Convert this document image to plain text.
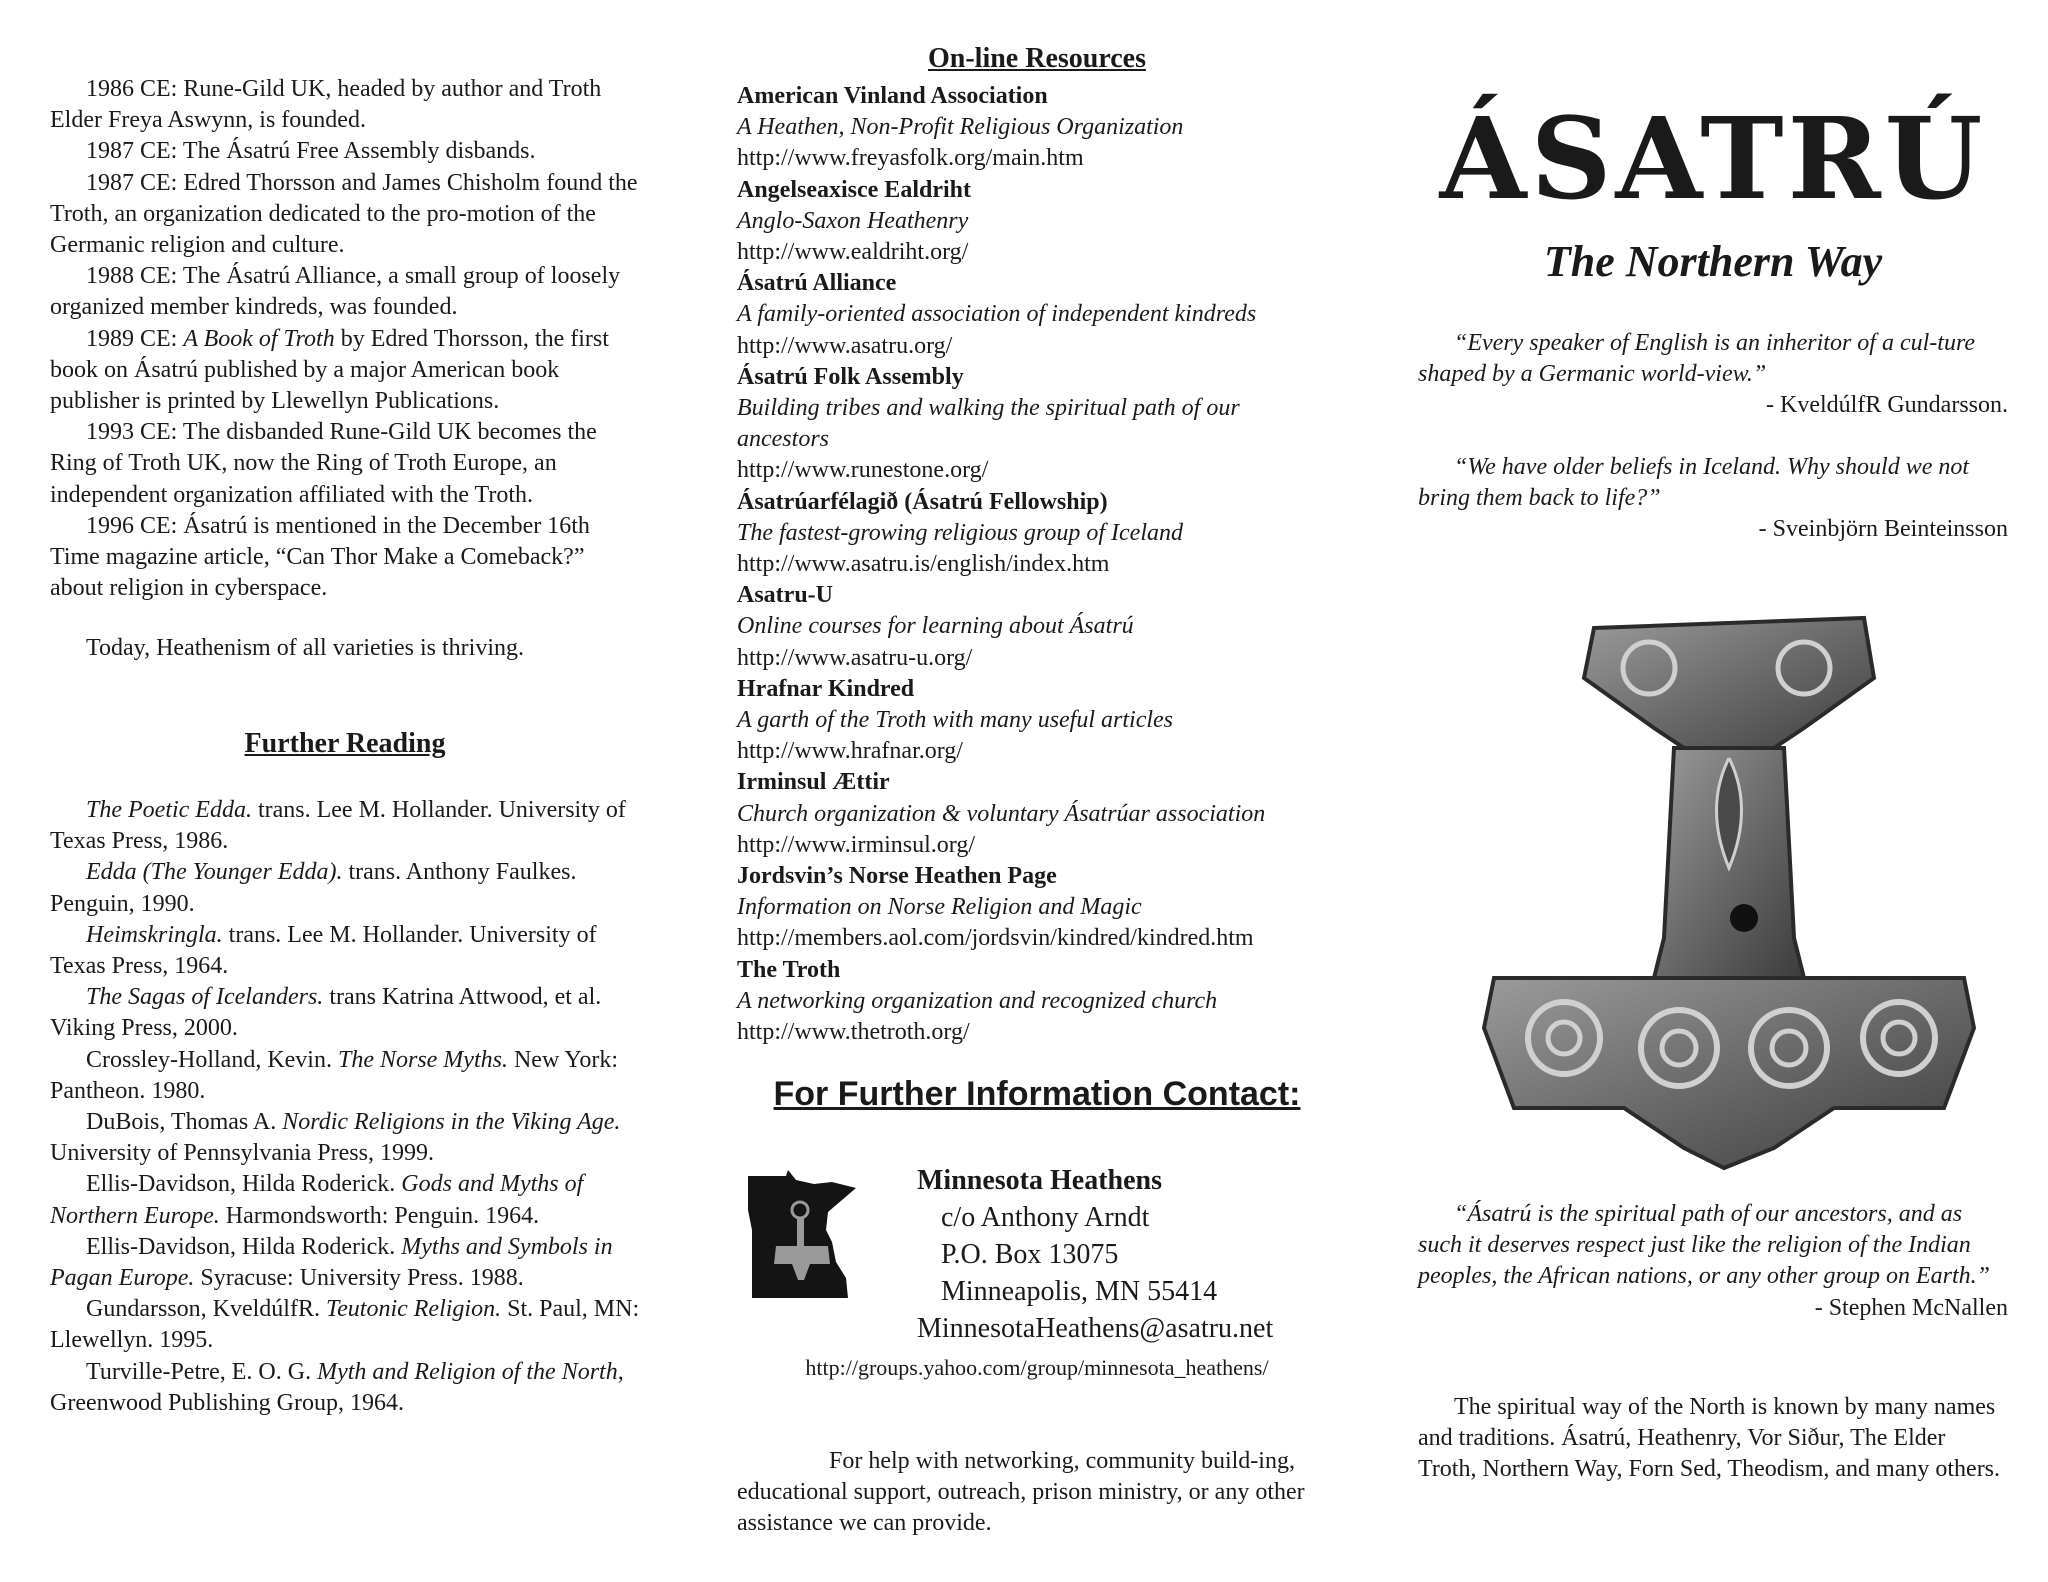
1986 CE: Rune-Gild UK, headed by author and Troth Elder Freya Aswynn, is founded.

1987 CE: The Ásatrú Free Assembly disbands.

1987 CE: Edred Thorsson and James Chisholm found the Troth, an organization dedicated to the pro-motion of the Germanic religion and culture.

1988 CE: The Ásatrú Alliance, a small group of loosely organized member kindreds, was founded.

1989 CE: A Book of Troth by Edred Thorsson, the first book on Ásatrú published by a major American book publisher is printed by Llewellyn Publications.

1993 CE: The disbanded Rune-Gild UK becomes the Ring of Troth UK, now the Ring of Troth Europe, an independent organization affiliated with the Troth.

1996 CE: Ásatrú is mentioned in the December 16th Time magazine article, “Can Thor Make a Comeback?” about religion in cyberspace.

Today, Heathenism of all varieties is thriving.

Further Reading

The Poetic Edda. trans. Lee M. Hollander. University of Texas Press, 1986.

Edda (The Younger Edda). trans. Anthony Faulkes. Penguin, 1990.

Heimskringla. trans. Lee M. Hollander. University of Texas Press, 1964.

The Sagas of Icelanders. trans Katrina Attwood, et al. Viking Press, 2000.

Crossley-Holland, Kevin. The Norse Myths. New York: Pantheon. 1980.

DuBois, Thomas A. Nordic Religions in the Viking Age. University of Pennsylvania Press, 1999.

Ellis-Davidson, Hilda Roderick. Gods and Myths of Northern Europe. Harmondsworth: Penguin. 1964.

Ellis-Davidson, Hilda Roderick. Myths and Symbols in Pagan Europe. Syracuse: University Press. 1988.

Gundarsson, KveldúlfR. Teutonic Religion. St. Paul, MN: Llewellyn. 1995.

Turville-Petre, E. O. G. Myth and Religion of the North, Greenwood Publishing Group, 1964.

On-line Resources

American Vinland Association

A Heathen, Non-Profit Religious Organization

http://www.freyasfolk.org/main.htm

Angelseaxisce Ealdriht

Anglo-Saxon Heathenry

http://www.ealdriht.org/

Ásatrú Alliance

A family-oriented association of independent kindreds

http://www.asatru.org/

Ásatrú Folk Assembly

Building tribes and walking the spiritual path of our ancestors

http://www.runestone.org/

Ásatrúarfélagið (Ásatrú Fellowship)

The fastest-growing religious group of Iceland

http://www.asatru.is/english/index.htm

Asatru-U

Online courses for learning about Ásatrú

http://www.asatru-u.org/

Hrafnar Kindred

A garth of the Troth with many useful articles

http://www.hrafnar.org/

Irminsul Ættir

Church organization & voluntary Ásatrúar association

http://www.irminsul.org/

Jordsvin’s Norse Heathen Page

Information on Norse Religion and Magic

http://members.aol.com/jordsvin/kindred/kindred.htm

The Troth

A networking organization and recognized church

http://www.thetroth.org/

For Further Information Contact:

Minnesota Heathens

c/o Anthony Arndt

P.O. Box 13075

Minneapolis, MN 55414

MinnesotaHeathens@asatru.net

http://groups.yahoo.com/group/minnesota_heathens/

For help with networking, community build-ing, educational support, outreach, prison ministry, or any other assistance we can provide.

ÁSATRÚ
The Northern Way

“Every speaker of English is an inheritor of a cul-ture shaped by a Germanic world-view.”

- KveldúlfR Gundarsson.

“We have older beliefs in Iceland. Why should we not bring them back to life?”

- Sveinbjörn Beinteinsson

“Ásatrú is the spiritual path of our ancestors, and as such it deserves respect just like the religion of the Indian peoples, the African nations, or any other group on Earth.”

- Stephen McNallen

The spiritual way of the North is known by many names and traditions. Ásatrú, Heathenry, Vor Siður, The Elder Troth, Northern Way, Forn Sed, Theodism, and many others.
